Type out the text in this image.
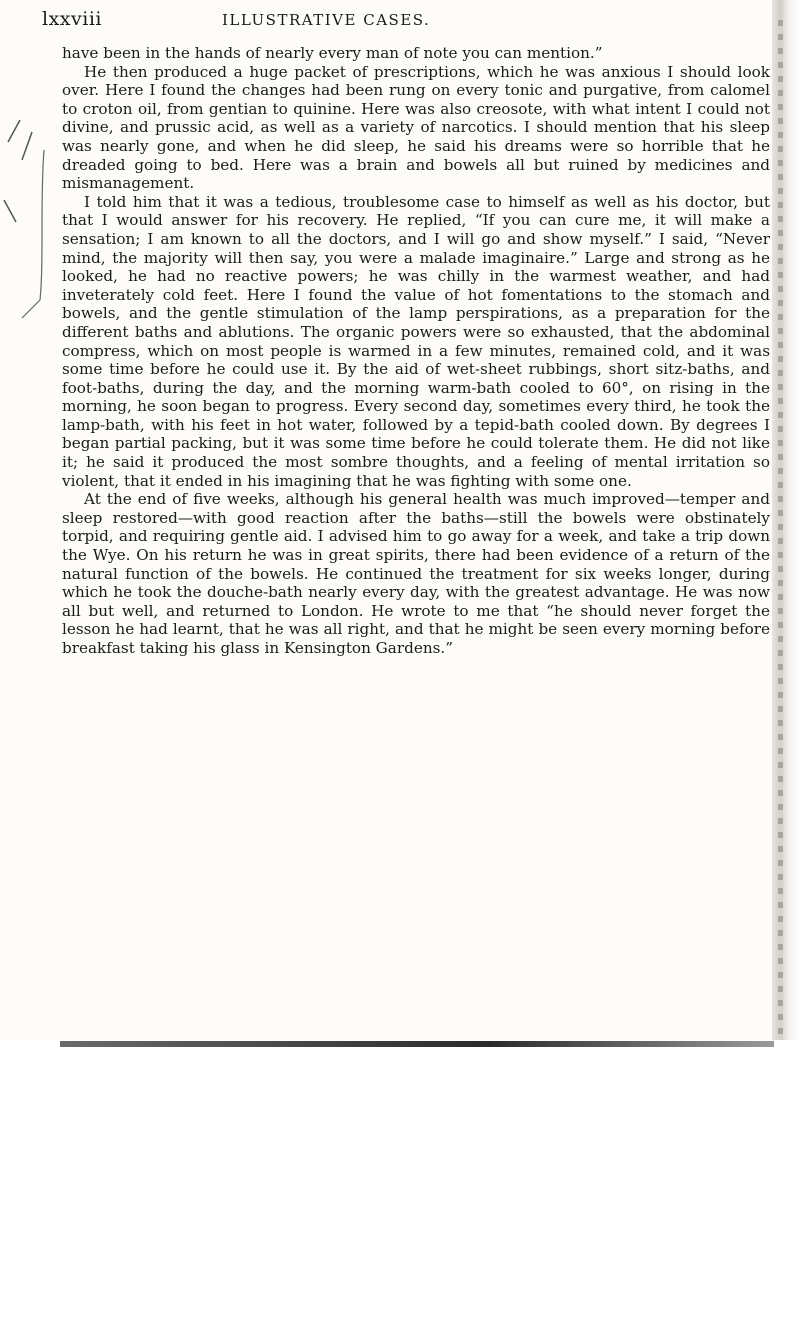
lxxviii	ILLUSTRATIVE CASES.

have been in the hands of nearly every man of note you can mention.”

He then produced a huge packet of prescriptions, which he was anxious I should look over. Here I found the changes had been rung on every tonic and purgative, from calomel to croton oil, from gentian to quinine. Here was also creosote, with what intent I could not divine, and prussic acid, as well as a variety of narcotics. I should mention that his sleep was nearly gone, and when he did sleep, he said his dreams were so horrible that he dreaded going to bed. Here was a brain and bowels all but ruined by medicines and mismanagement.

I told him that it was a tedious, troublesome case to himself as well as his doctor, but that I would answer for his recovery. He replied, “If you can cure me, it will make a sensation; I am known to all the doctors, and I will go and show myself.” I said, “Never mind, the majority will then say, you were a malade imaginaire.” Large and strong as he looked, he had no reactive powers; he was chilly in the warmest weather, and had inveterately cold feet. Here I found the value of hot fomentations to the stomach and bowels, and the gentle stimulation of the lamp perspirations, as a preparation for the different baths and ablutions. The organic powers were so exhausted, that the abdominal compress, which on most people is warmed in a few minutes, remained cold, and it was some time before he could use it. By the aid of wet-sheet rubbings, short sitz-baths, and foot-baths, during the day, and the morning warm-bath cooled to 60°, on rising in the morning, he soon began to progress. Every second day, sometimes every third, he took the lamp-bath, with his feet in hot water, followed by a tepid-bath cooled down. By degrees I began partial packing, but it was some time before he could tolerate them. He did not like it; he said it produced the most sombre thoughts, and a feeling of mental irritation so violent, that it ended in his imagining that he was fighting with some one.

At the end of five weeks, although his general health was much improved—temper and sleep restored—with good reaction after the baths—still the bowels were obstinately torpid, and requiring gentle aid. I advised him to go away for a week, and take a trip down the Wye. On his return he was in great spirits, there had been evidence of a return of the natural function of the bowels. He continued the treatment for six weeks longer, during which he took the douche-bath nearly every day, with the greatest advantage. He was now all but well, and returned to London. He wrote to me that “he should never forget the lesson he had learnt, that he was all right, and that he might be seen every morning before breakfast taking his glass in Kensington Gardens.”
